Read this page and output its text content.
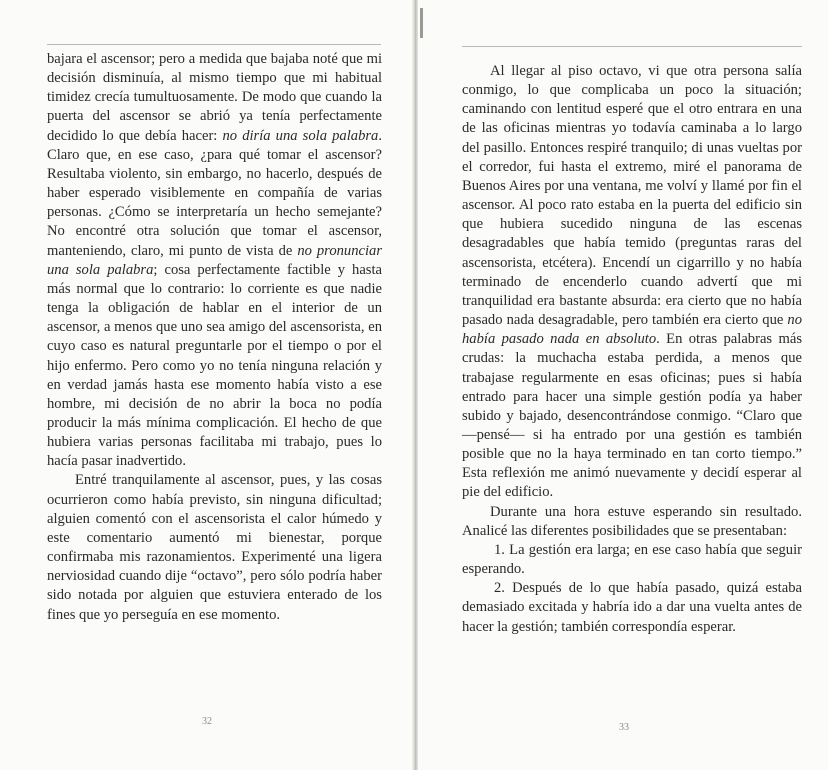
bajara el ascensor; pero a medida que bajaba noté que mi decisión disminuía, al mismo tiempo que mi habitual timidez crecía tumultuosamente. De modo que cuando la puerta del ascensor se abrió ya tenía perfectamente decidido lo que debía hacer: no diría una sola palabra. Claro que, en ese caso, ¿para qué tomar el ascensor? Resultaba violento, sin embargo, no hacerlo, después de haber esperado visiblemente en compañía de varias personas. ¿Cómo se interpretaría un hecho semejante? No encontré otra solución que tomar el ascensor, manteniendo, claro, mi punto de vista de no pronunciar una sola palabra; cosa perfectamente factible y hasta más normal que lo contrario: lo corriente es que nadie tenga la obligación de hablar en el interior de un ascensor, a menos que uno sea amigo del ascensorista, en cuyo caso es natural preguntarle por el tiempo o por el hijo enfermo. Pero como yo no tenía ninguna relación y en verdad jamás hasta ese momento había visto a ese hombre, mi decisión de no abrir la boca no podía producir la más mínima complicación. El hecho de que hubiera varias personas facilitaba mi trabajo, pues lo hacía pasar inadvertido.

Entré tranquilamente al ascensor, pues, y las cosas ocurrieron como había previsto, sin ninguna dificultad; alguien comentó con el ascensorista el calor húmedo y este comentario aumentó mi bienestar, porque confirmaba mis razonamientos. Experimenté una ligera nerviosidad cuando dije “octavo”, pero sólo podría haber sido notada por alguien que estuviera enterado de los fines que yo perseguía en ese momento.

32

Al llegar al piso octavo, vi que otra persona salía conmigo, lo que complicaba un poco la situación; caminando con lentitud esperé que el otro entrara en una de las oficinas mientras yo todavía caminaba a lo largo del pasillo. Entonces respiré tranquilo; di unas vueltas por el corredor, fui hasta el extremo, miré el panorama de Buenos Aires por una ventana, me volví y llamé por fin el ascensor. Al poco rato estaba en la puerta del edificio sin que hubiera sucedido ninguna de las escenas desagradables que había temido (preguntas raras del ascensorista, etcétera). Encendí un cigarrillo y no había terminado de encenderlo cuando advertí que mi tranquilidad era bastante absurda: era cierto que no había pasado nada desagradable, pero también era cierto que no había pasado nada en absoluto. En otras palabras más crudas: la muchacha estaba perdida, a menos que trabajase regularmente en esas oficinas; pues si había entrado para hacer una simple gestión podía ya haber subido y bajado, desencontrándose conmigo. “Claro que —pensé— si ha entrado por una gestión es también posible que no la haya terminado en tan corto tiempo.” Esta reflexión me animó nuevamente y decidí esperar al pie del edificio.

Durante una hora estuve esperando sin resultado. Analicé las diferentes posibilidades que se presentaban:

1. La gestión era larga; en ese caso había que seguir esperando.

2. Después de lo que había pasado, quizá estaba demasiado excitada y habría ido a dar una vuelta antes de hacer la gestión; también correspondía esperar.

33
